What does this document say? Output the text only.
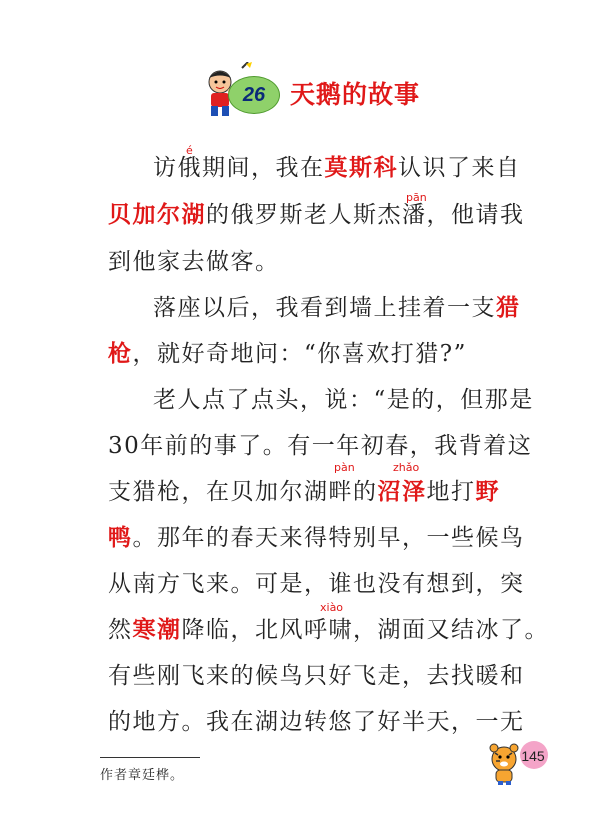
26 天鹅的故事
é
pān
pàn	zhǎo
xiào
访俄期间，我在莫斯科认识了来自
贝加尔湖的俄罗斯老人斯杰潘，他请我
到他家去做客。
落座以后，我看到墙上挂着一支猎
枪，就好奇地问：“你喜欢打猎?”
老人点了点头，说：“是的，但那是
30年前的事了。有一年初春，我背着这
支猎枪，在贝加尔湖畔的沼泽地打野
鸭。那年的春天来得特别早，一些候鸟
从南方飞来。可是，谁也没有想到，突
然寒潮降临，北风呼啸，湖面又结冰了。
有些刚飞来的候鸟只好飞走，去找暖和
的地方。我在湖边转悠了好半天，一无
作者章廷桦。
145
